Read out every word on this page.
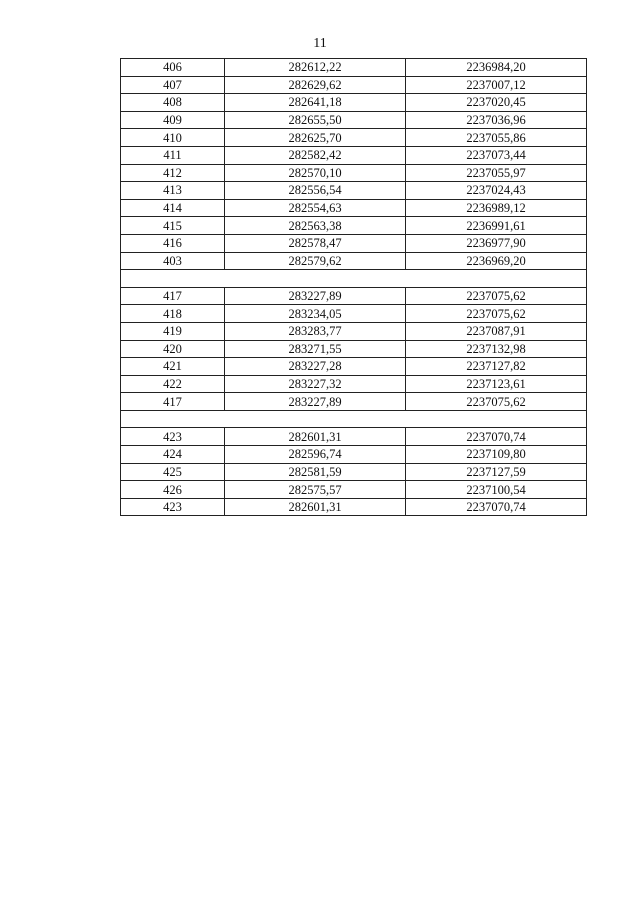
11
406	282612,22	2236984,20
407	282629,62	2237007,12
408	282641,18	2237020,45
409	282655,50	2237036,96
410	282625,70	2237055,86
411	282582,42	2237073,44
412	282570,10	2237055,97
413	282556,54	2237024,43
414	282554,63	2236989,12
415	282563,38	2236991,61
416	282578,47	2236977,90
403	282579,62	2236969,20

417	283227,89	2237075,62
418	283234,05	2237075,62
419	283283,77	2237087,91
420	283271,55	2237132,98
421	283227,28	2237127,82
422	283227,32	2237123,61
417	283227,89	2237075,62

423	282601,31	2237070,74
424	282596,74	2237109,80
425	282581,59	2237127,59
426	282575,57	2237100,54
423	282601,31	2237070,74
